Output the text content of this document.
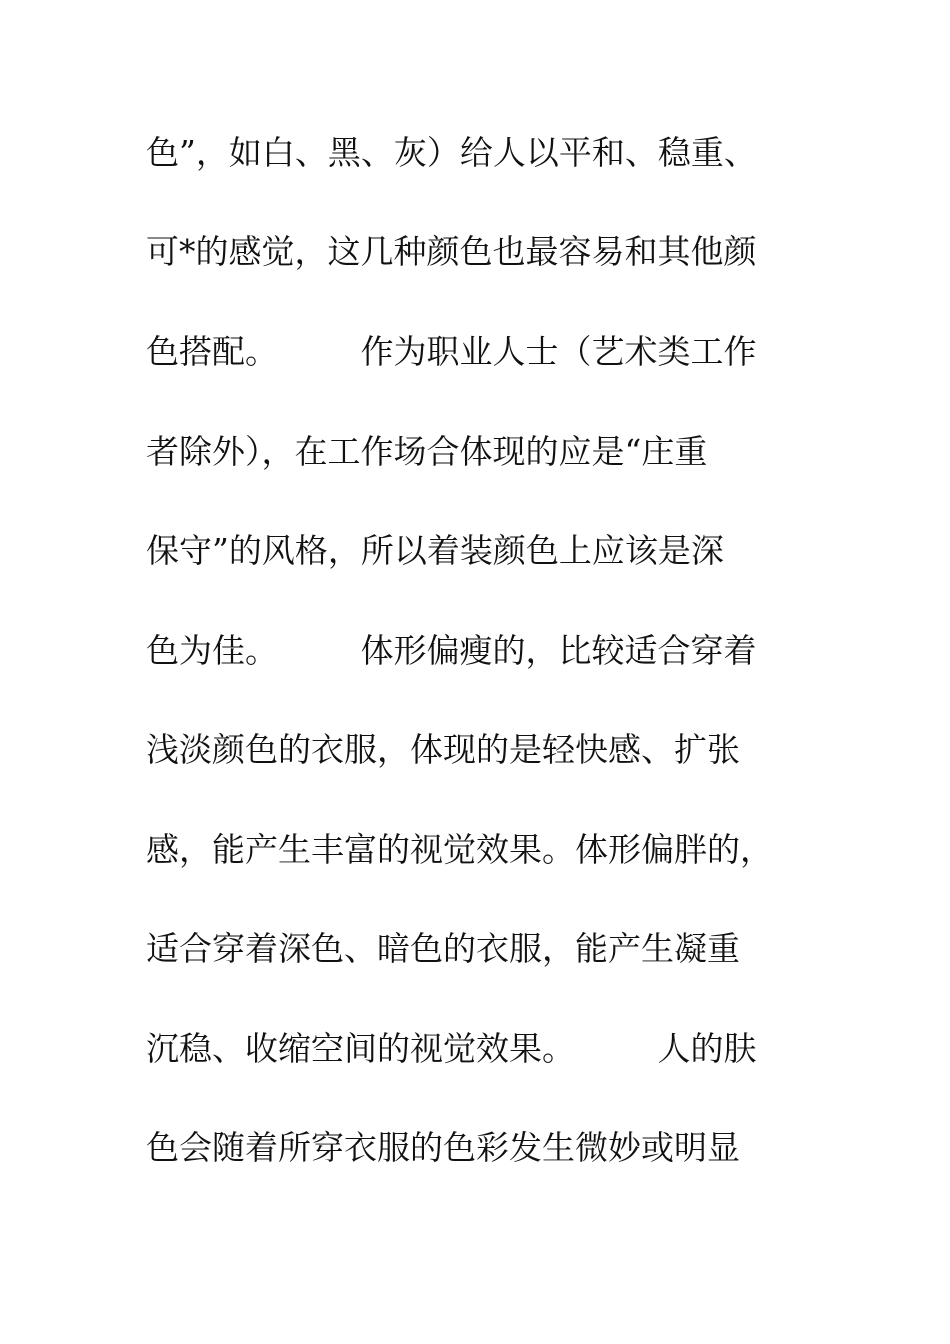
色”，如白、黑、灰）给人以平和、稳重、
可*的感觉，这几种颜色也最容易和其他颜
色搭配。　　　作为职业人士（艺术类工作
者除外），在工作场合体现的应是“庄重
保守”的风格，所以着装颜色上应该是深
色为佳。　　　体形偏瘦的，比较适合穿着
浅淡颜色的衣服，体现的是轻快感、扩张
感，能产生丰富的视觉效果。体形偏胖的，
适合穿着深色、暗色的衣服，能产生凝重
沉稳、收缩空间的视觉效果。　　　人的肤
色会随着所穿衣服的色彩发生微妙或明显
